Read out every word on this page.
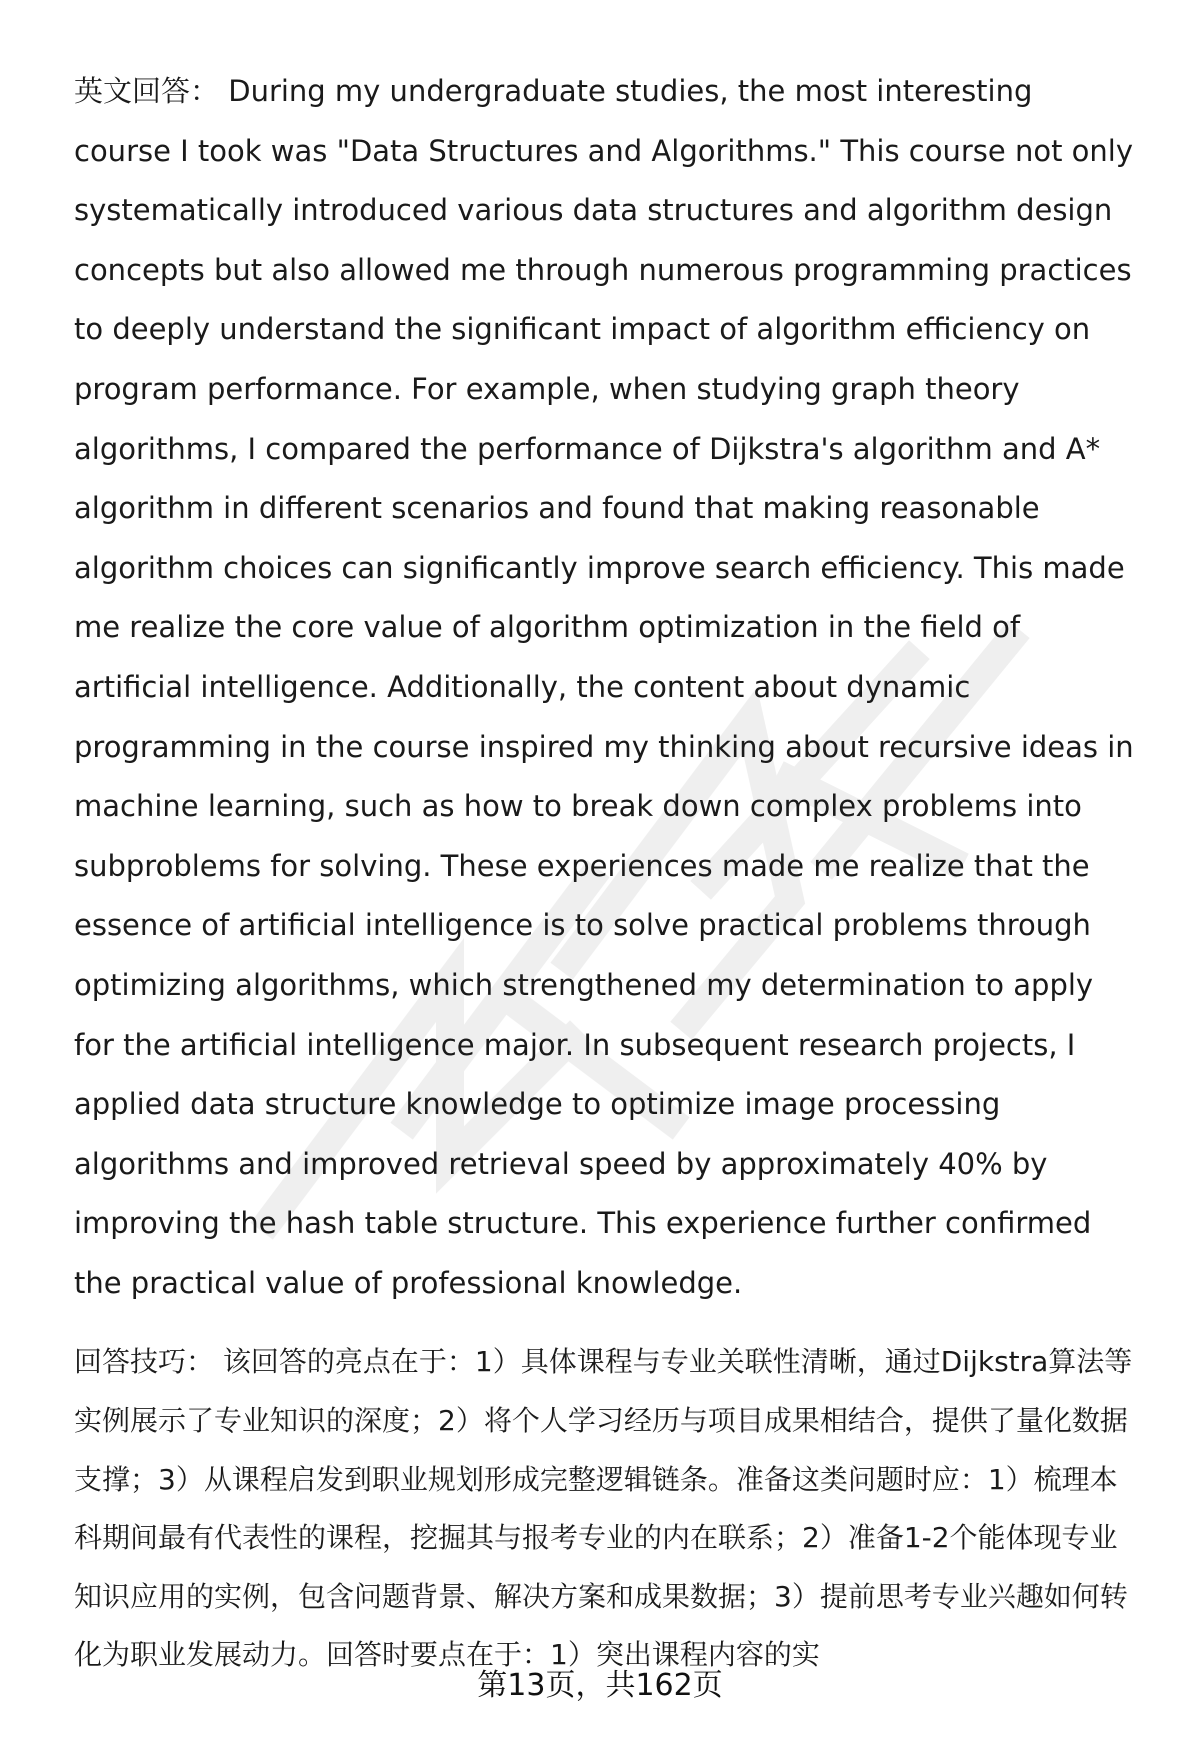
英文回答： During my undergraduate studies, the most interesting course I took was "Data Structures and Algorithms." This course not only systematically introduced various data structures and algorithm design concepts but also allowed me through numerous programming practices to deeply understand the significant impact of algorithm efficiency on program performance. For example, when studying graph theory algorithms, I compared the performance of Dijkstra's algorithm and A* algorithm in different scenarios and found that making reasonable algorithm choices can significantly improve search efficiency. This made me realize the core value of algorithm optimization in the field of artificial intelligence. Additionally, the content about dynamic programming in the course inspired my thinking about recursive ideas in machine learning, such as how to break down complex problems into subproblems for solving. These experiences made me realize that the essence of artificial intelligence is to solve practical problems through optimizing algorithms, which strengthened my determination to apply for the artificial intelligence major. In subsequent research projects, I applied data structure knowledge to optimize image processing algorithms and improved retrieval speed by approximately 40% by improving the hash table structure. This experience further confirmed the practical value of professional knowledge.

回答技巧： 该回答的亮点在于：1）具体课程与专业关联性清晰，通过Dijkstra算法等实例展示了专业知识的深度；2）将个人学习经历与项目成果相结合，提供了量化数据支撑；3）从课程启发到职业规划形成完整逻辑链条。准备这类问题时应：1）梳理本科期间最有代表性的课程，挖掘其与报考专业的内在联系；2）准备1-2个能体现专业知识应用的实例，包含问题背景、解决方案和成果数据；3）提前思考专业兴趣如何转化为职业发展动力。回答时要点在于：1）突出课程内容的实

第13页，共162页
